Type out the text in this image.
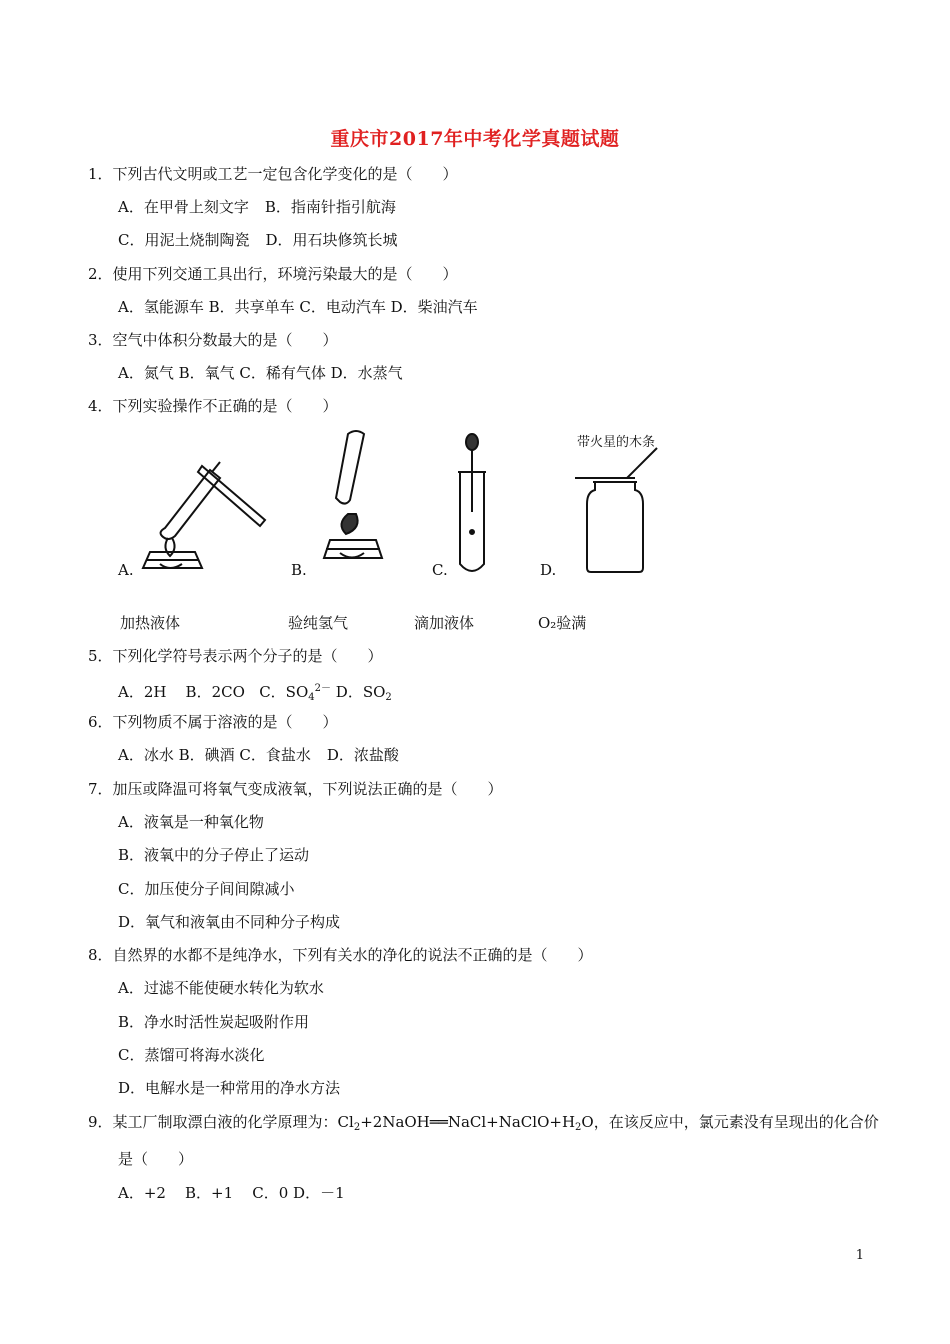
重庆市2017年中考化学真题试题
1．下列古代文明或工艺一定包含化学变化的是（　　）
A．在甲骨上刻文字 B．指南针指引航海
C．用泥土烧制陶瓷 D．用石块修筑长城
2．使用下列交通工具出行，环境污染最大的是（　　）
A．氢能源车 B．共享单车 C．电动汽车 D．柴油汽车
3．空气中体积分数最大的是（　　）
A．氮气 B．氧气 C．稀有气体 D．水蒸气
4．下列实验操作不正确的是（　　）
A.	B.	C.
带火星的木条
D.
加热液体	验纯氢气	滴加液体	O₂验满
5．下列化学符号表示两个分子的是（　　）
A．2H B．2CO C．$SO_4^{2-}$ D．$SO_2$
6．下列物质不属于溶液的是（　　）
A．冰水 B．碘酒 C．食盐水 D．浓盐酸
7．加压或降温可将氧气变成液氧，下列说法正确的是（　　）
A．液氧是一种氧化物
B．液氧中的分子停止了运动
C．加压使分子间间隙减小
D．氧气和液氧由不同种分子构成
8．自然界的水都不是纯净水，下列有关水的净化的说法不正确的是（　　）
A．过滤不能使硬水转化为软水
B．净水时活性炭起吸附作用
C．蒸馏可将海水淡化
D．电解水是一种常用的净水方法
9．某工厂制取漂白液的化学原理为：$Cl_2+2NaOH══NaCl+NaClO+H_2O$，在该反应中，氯元素没有呈现出的化合价
是（　　）
A．+2 B．+1 C．0 D．－1
1
